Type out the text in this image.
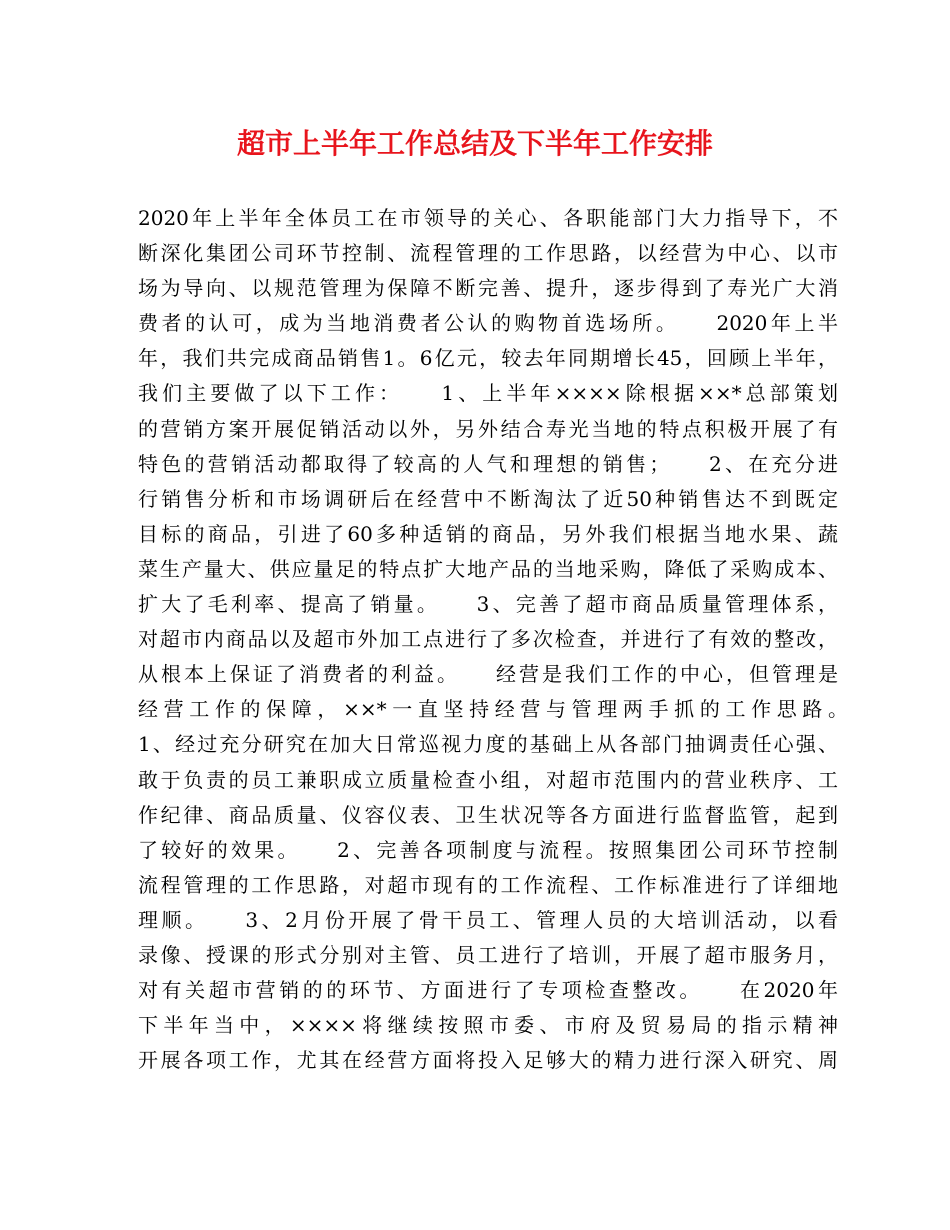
超市上半年工作总结及下半年工作安排
2020年上半年全体员工在市领导的关心、各职能部门大力指导下，不
断深化集团公司环节控制、流程管理的工作思路，以经营为中心、以市
场为导向、以规范管理为保障不断完善、提升，逐步得到了寿光广大消
费者的认可，成为当地消费者公认的购物首选场所。　　2020年上半
年，我们共完成商品销售1。6亿元，较去年同期增长45，回顾上半年，
我们主要做了以下工作：　　1、上半年××××除根据××*总部策划
的营销方案开展促销活动以外，另外结合寿光当地的特点积极开展了有
特色的营销活动都取得了较高的人气和理想的销售；　　2、在充分进
行销售分析和市场调研后在经营中不断淘汰了近50种销售达不到既定
目标的商品，引进了60多种适销的商品，另外我们根据当地水果、蔬
菜生产量大、供应量足的特点扩大地产品的当地采购，降低了采购成本、
扩大了毛利率、提高了销量。　　3、完善了超市商品质量管理体系，
对超市内商品以及超市外加工点进行了多次检查，并进行了有效的整改，
从根本上保证了消费者的利益。　　经营是我们工作的中心，但管理是
经营工作的保障，××*一直坚持经营与管理两手抓的工作思路。　　
1、经过充分研究在加大日常巡视力度的基础上从各部门抽调责任心强、
敢于负责的员工兼职成立质量检查小组，对超市范围内的营业秩序、工
作纪律、商品质量、仪容仪表、卫生状况等各方面进行监督监管，起到
了较好的效果。　　2、完善各项制度与流程。按照集团公司环节控制
流程管理的工作思路，对超市现有的工作流程、工作标准进行了详细地
理顺。　　3、2月份开展了骨干员工、管理人员的大培训活动，以看
录像、授课的形式分别对主管、员工进行了培训，开展了超市服务月，
对有关超市营销的的环节、方面进行了专项检查整改。　　在2020年
下半年当中，××××将继续按照市委、市府及贸易局的指示精神
开展各项工作，尤其在经营方面将投入足够大的精力进行深入研究、周
